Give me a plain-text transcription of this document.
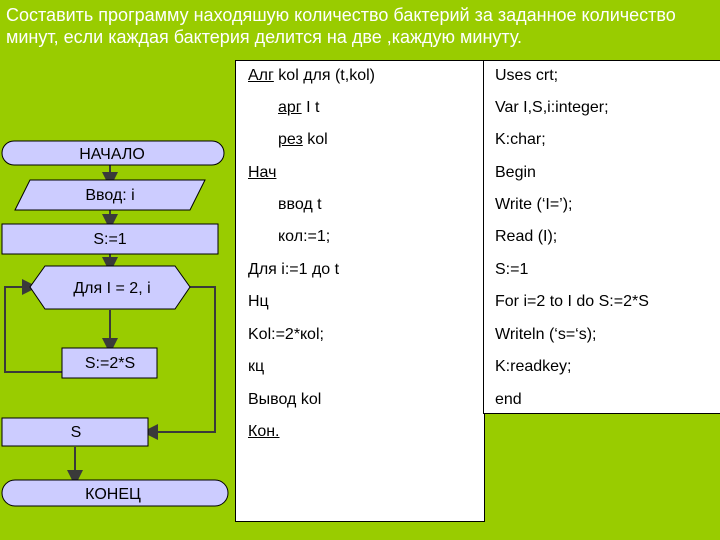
Составить программу находяшую количество бактерий за заданное количество
минут, если каждая бактерия делится на две ,каждую минуту.
НАЧАЛО
Ввод: i
S:=1
Для I = 2, i
S:=2*S
S
КОНЕЦ
Алг kol для (t,kol)
арг I t
рез kol
Нач
ввод t
кол:=1;
Для i:=1 до t
Нц
Kol:=2*кol;
кц
Вывод kol
Кон.
Uses crt;
Var I,S,i:integer;
K:char;
Begin
Write (‘I=’);
Read (I);
S:=1
For i=2 to I do S:=2*S
Writeln (‘s=‘s);
K:readkey;
end
